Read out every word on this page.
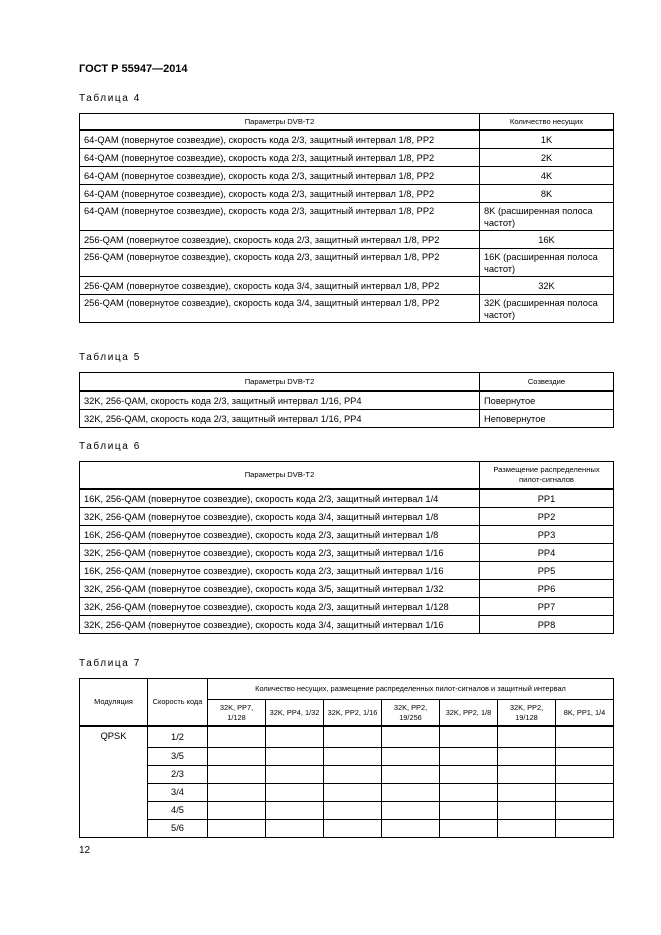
ГОСТ Р 55947—2014
Таблица 4
Параметры DVB-T2	Количество несущих
64-QAM (повернутое созвездие), скорость кода 2/3, защитный интервал 1/8, PP2	1K
64-QAM (повернутое созвездие), скорость кода 2/3, защитный интервал 1/8, PP2	2K
64-QAM (повернутое созвездие), скорость кода 2/3, защитный интервал 1/8, PP2	4K
64-QAM (повернутое созвездие), скорость кода 2/3, защитный интервал 1/8, PP2	8K
64-QAM (повернутое созвездие), скорость кода 2/3, защитный интервал 1/8, PP2	8K (расширенная полоса частот)
256-QAM (повернутое созвездие), скорость кода 2/3, защитный интервал 1/8, PP2	16K
256-QAM (повернутое созвездие), скорость кода 2/3, защитный интервал 1/8, PP2	16K (расширенная полоса частот)
256-QAM (повернутое созвездие), скорость кода 3/4, защитный интервал 1/8, PP2	32K
256-QAM (повернутое созвездие), скорость кода 3/4, защитный интервал 1/8, PP2	32K (расширенная полоса частот)
Таблица 5
Параметры DVB-T2	Созвездие
32K, 256-QAM, скорость кода 2/3, защитный интервал 1/16, PP4	Повернутое
32K, 256-QAM, скорость кода 2/3, защитный интервал 1/16, PP4	Неповернутое
Таблица 6
Параметры DVB-T2	Размещение распределенных пилот-сигналов
16K, 256-QAM (повернутое созвездие), скорость кода 2/3, защитный интервал 1/4	PP1
32K, 256-QAM (повернутое созвездие), скорость кода 3/4, защитный интервал 1/8	PP2
16K, 256-QAM (повернутое созвездие), скорость кода 2/3, защитный интервал 1/8	PP3
32K, 256-QAM (повернутое созвездие), скорость кода 2/3, защитный интервал 1/16	PP4
16K, 256-QAM (повернутое созвездие), скорость кода 2/3, защитный интервал 1/16	PP5
32K, 256-QAM (повернутое созвездие), скорость кода 3/5, защитный интервал 1/32	PP6
32K, 256-QAM (повернутое созвездие), скорость кода 2/3, защитный интервал 1/128	PP7
32K, 256-QAM (повернутое созвездие), скорость кода 3/4, защитный интервал 1/16	PP8
Таблица 7
Модуляция	Скорость кода	Количество несущих, размещение распределенных пилот-сигналов и защитный интервал						
		32K, PP7, 1/128	32K, PP4, 1/32	32K, PP2, 1/16	32K, PP2, 19/256	32K, PP2, 1/8	32K, PP2, 19/128	8K, PP1, 1/4
QPSK	1/2							
	3/5							
	2/3							
	3/4							
	4/5							
	5/6							
12
